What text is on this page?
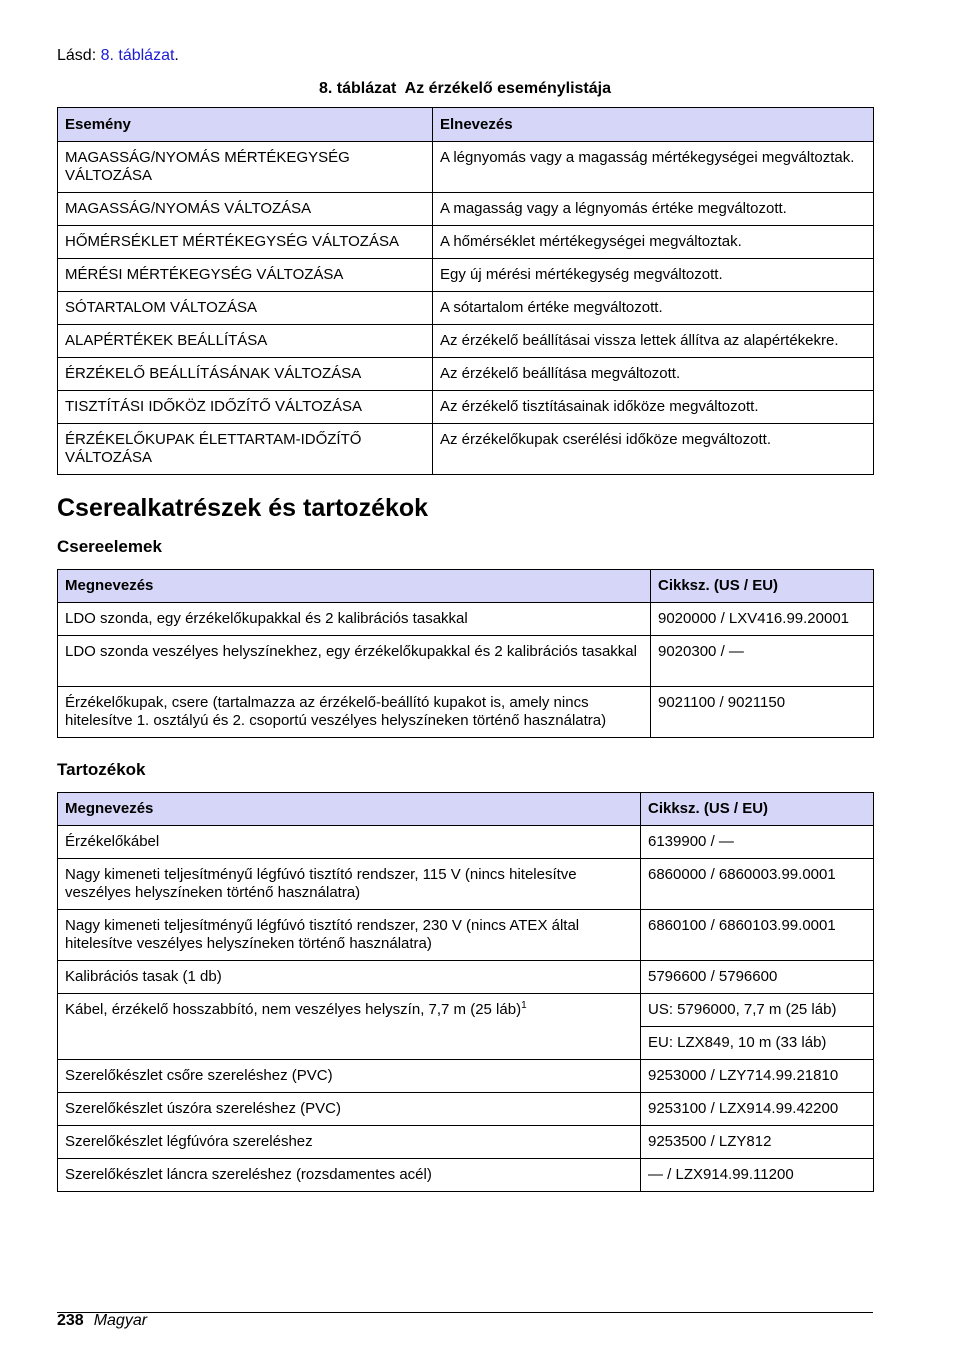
Lásd: 8. táblázat.
8. táblázat  Az érzékelő eseménylistája
Esemény	Elnevezés
MAGASSÁG/NYOMÁS MÉRTÉKEGYSÉG VÁLTOZÁSA	A légnyomás vagy a magasság mértékegységei megváltoztak.
MAGASSÁG/NYOMÁS VÁLTOZÁSA	A magasság vagy a légnyomás értéke megváltozott.
HŐMÉRSÉKLET MÉRTÉKEGYSÉG VÁLTOZÁSA	A hőmérséklet mértékegységei megváltoztak.
MÉRÉSI MÉRTÉKEGYSÉG VÁLTOZÁSA	Egy új mérési mértékegység megváltozott.
SÓTARTALOM VÁLTOZÁSA	A sótartalom értéke megváltozott.
ALAPÉRTÉKEK BEÁLLÍTÁSA	Az érzékelő beállításai vissza lettek állítva az alapértékekre.
ÉRZÉKELŐ BEÁLLÍTÁSÁNAK VÁLTOZÁSA	Az érzékelő beállítása megváltozott.
TISZTÍTÁSI IDŐKÖZ IDŐZÍTŐ VÁLTOZÁSA	Az érzékelő tisztításainak időköze megváltozott.
ÉRZÉKELŐKUPAK ÉLETTARTAM-IDŐZÍTŐ VÁLTOZÁSA	Az érzékelőkupak cserélési időköze megváltozott.
Cserealkatrészek és tartozékok
Csereelemek
Megnevezés	Cikksz. (US / EU)
LDO szonda, egy érzékelőkupakkal és 2 kalibrációs tasakkal	9020000 / LXV416.99.20001
LDO szonda veszélyes helyszínekhez, egy érzékelőkupakkal és 2 kalibrációs tasakkal	9020300 / —
Érzékelőkupak, csere (tartalmazza az érzékelő-beállító kupakot is, amely nincs hitelesítve 1. osztályú és 2. csoportú veszélyes helyszíneken történő használatra)	9021100 / 9021150
Tartozékok
Megnevezés	Cikksz. (US / EU)
Érzékelőkábel	6139900 / —
Nagy kimeneti teljesítményű légfúvó tisztító rendszer, 115 V (nincs hitelesítve veszélyes helyszíneken történő használatra)	6860000 / 6860003.99.0001
Nagy kimeneti teljesítményű légfúvó tisztító rendszer, 230 V (nincs ATEX által hitelesítve veszélyes helyszíneken történő használatra)	6860100 / 6860103.99.0001
Kalibrációs tasak (1 db)	5796600 / 5796600
Kábel, érzékelő hosszabbító, nem veszélyes helyszín, 7,7 m (25 láb)$^1$	US: 5796000, 7,7 m (25 láb)
	EU: LZX849, 10 m (33 láb)
Szerelőkészlet csőre szereléshez (PVC)	9253000 / LZY714.99.21810
Szerelőkészlet úszóra szereléshez (PVC)	9253100 / LZX914.99.42200
Szerelőkészlet légfúvóra szereléshez	9253500 / LZY812
Szerelőkészlet láncra szereléshez (rozsdamentes acél)	— / LZX914.99.11200
238 Magyar
